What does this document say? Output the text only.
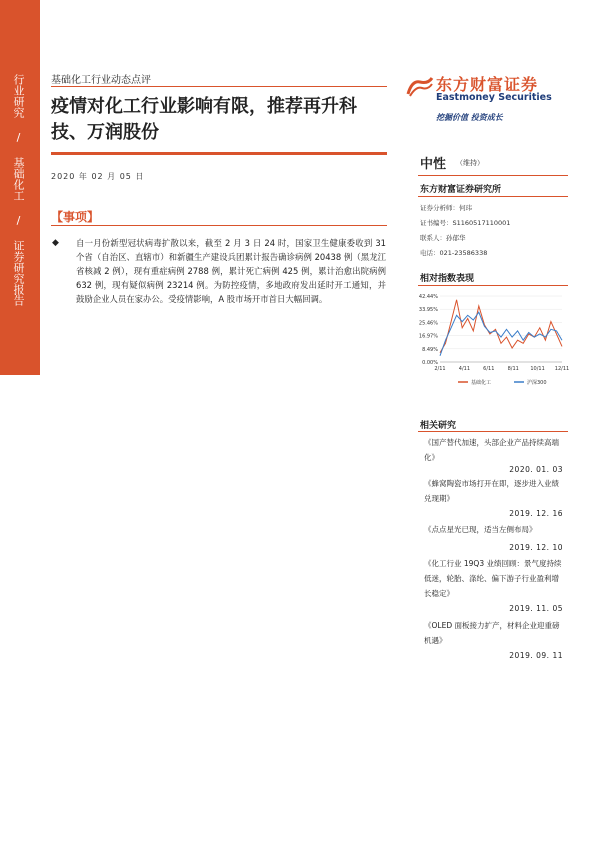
行业研究 / 基础化工 / 证券研究报告	基础化工行业动态点评
疫情对化工行业影响有限，推荐再升科技、万润股份
2020 年 02 月 05 日
【事项】
◆ 自一月份新型冠状病毒扩散以来，截至 2 月 3 日 24 时，国家卫生健康委收到 31 个省（自治区、直辖市）和新疆生产建设兵团累计报告确诊病例 20438 例（黑龙江省核减 2 例），现有重症病例 2788 例，累计死亡病例 425 例，累计治愈出院病例 632 例，现有疑似病例 23214 例。为防控疫情，多地政府发出延时开工通知，并鼓励企业人员在家办公。受疫情影响，A 股市场开市首日大幅回调。
东方财富证券
Eastmoney Securities
挖掘价值 投资成长
中性 （维持）
东方财富证券研究所
证券分析师：何玮
证书编号：S1160517110001
联系人：孙郁华
电话：021-23586338
相对指数表现
42.44%
33.95%
25.46%
16.97%
8.49%
0.00%
2/11	4/11	6/11	8/11 10/11 12/11
基础化工	沪深300
相关研究
《国产替代加速，头部企业产品持续高端化》
2020. 01. 03
《蜂窝陶瓷市场打开在即，逐步进入业绩兑现期》
2019. 12. 16
《点点星光已现，适当左侧布局》
2019. 12. 10
《化工行业 19Q3 业绩回顾：景气度持续低迷，轮胎、涤纶、偏下游子行业盈利增长稳定》
2019. 11. 05
《OLED 面板接力扩产，材料企业迎重磅机遇》
2019. 09. 11
